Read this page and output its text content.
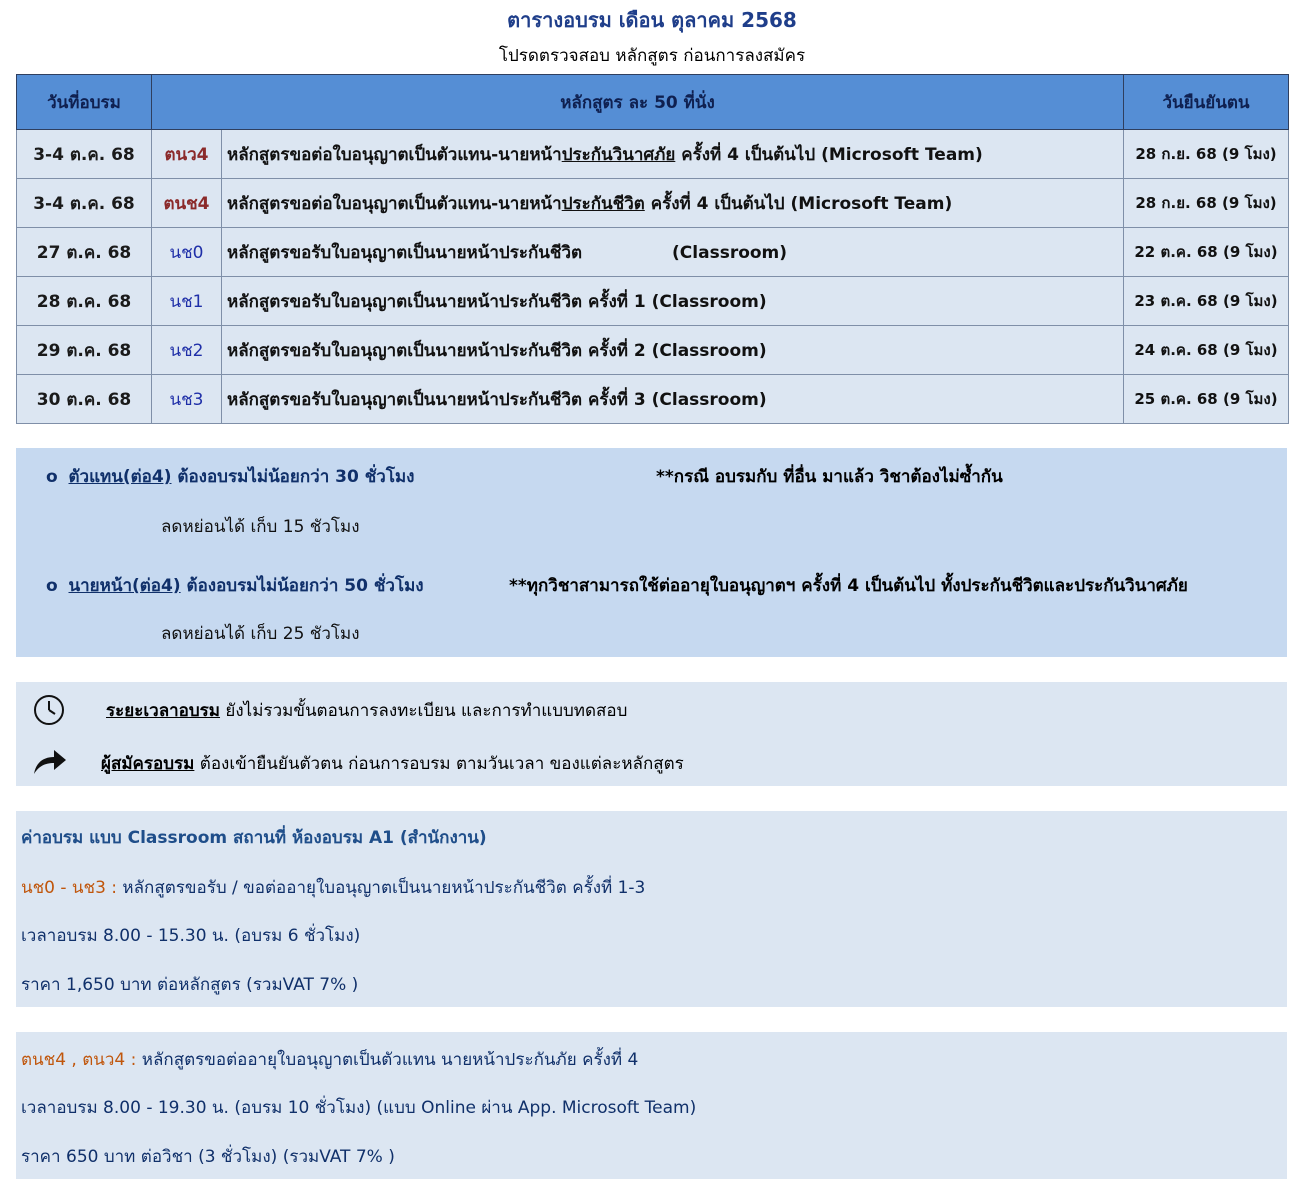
ตารางอบรม เดือน ตุลาคม 2568
โปรดตรวจสอบ หลักสูตร ก่อนการลงสมัคร
วันที่อบรม	หลักสูตร ละ 50 ที่นั่ง		วันยืนยันตน
3-4 ต.ค. 68	ตนว4	หลักสูตรขอต่อใบอนุญาตเป็นตัวแทน-นายหน้าประกันวินาศภัย ครั้งที่ 4 เป็นต้นไป (Microsoft Team)	28 ก.ย. 68 (9 โมง)
3-4 ต.ค. 68	ตนช4	หลักสูตรขอต่อใบอนุญาตเป็นตัวแทน-นายหน้าประกันชีวิต ครั้งที่ 4 เป็นต้นไป (Microsoft Team)	28 ก.ย. 68 (9 โมง)
27 ต.ค. 68	นช0	หลักสูตรขอรับใบอนุญาตเป็นนายหน้าประกันชีวิต (Classroom)	22 ต.ค. 68 (9 โมง)
28 ต.ค. 68	นช1	หลักสูตรขอรับใบอนุญาตเป็นนายหน้าประกันชีวิต ครั้งที่ 1 (Classroom)	23 ต.ค. 68 (9 โมง)
29 ต.ค. 68	นช2	หลักสูตรขอรับใบอนุญาตเป็นนายหน้าประกันชีวิต ครั้งที่ 2 (Classroom)	24 ต.ค. 68 (9 โมง)
30 ต.ค. 68	นช3	หลักสูตรขอรับใบอนุญาตเป็นนายหน้าประกันชีวิต ครั้งที่ 3 (Classroom)	25 ต.ค. 68 (9 โมง)
o ตัวแทน(ต่อ4) ต้องอบรมไม่น้อยกว่า 30 ชั่วโมง	**กรณี อบรมกับ ที่อื่น มาแล้ว วิชาต้องไม่ซ้ำกัน
ลดหย่อนได้ เก็บ 15 ชัวโมง
o นายหน้า(ต่อ4) ต้องอบรมไม่น้อยกว่า 50 ชั่วโมง	**ทุกวิชาสามารถใช้ต่ออายุใบอนุญาตฯ ครั้งที่ 4 เป็นต้นไป ทั้งประกันชีวิตและประกันวินาศภัย
ลดหย่อนได้ เก็บ 25 ชัวโมง
ระยะเวลาอบรม ยังไม่รวมขั้นตอนการลงทะเบียน และการทำแบบทดสอบ
ผู้สมัครอบรม ต้องเข้ายืนยันตัวตน ก่อนการอบรม ตามวันเวลา ของแต่ละหลักสูตร
ค่าอบรม แบบ Classroom สถานที่ ห้องอบรม A1 (สำนักงาน)
นช0 - นช3 : หลักสูตรขอรับ / ขอต่ออายุใบอนุญาตเป็นนายหน้าประกันชีวิต ครั้งที่ 1-3
เวลาอบรม 8.00 - 15.30 น. (อบรม 6 ชั่วโมง)
ราคา 1,650 บาท ต่อหลักสูตร (รวมVAT 7% )
ตนช4 , ตนว4 : หลักสูตรขอต่ออายุใบอนุญาตเป็นตัวแทน นายหน้าประกันภัย ครั้งที่ 4
เวลาอบรม 8.00 - 19.30 น. (อบรม 10 ชั่วโมง) (แบบ Online ผ่าน App. Microsoft Team)
ราคา 650 บาท ต่อวิชา (3 ชั่วโมง) (รวมVAT 7% )
